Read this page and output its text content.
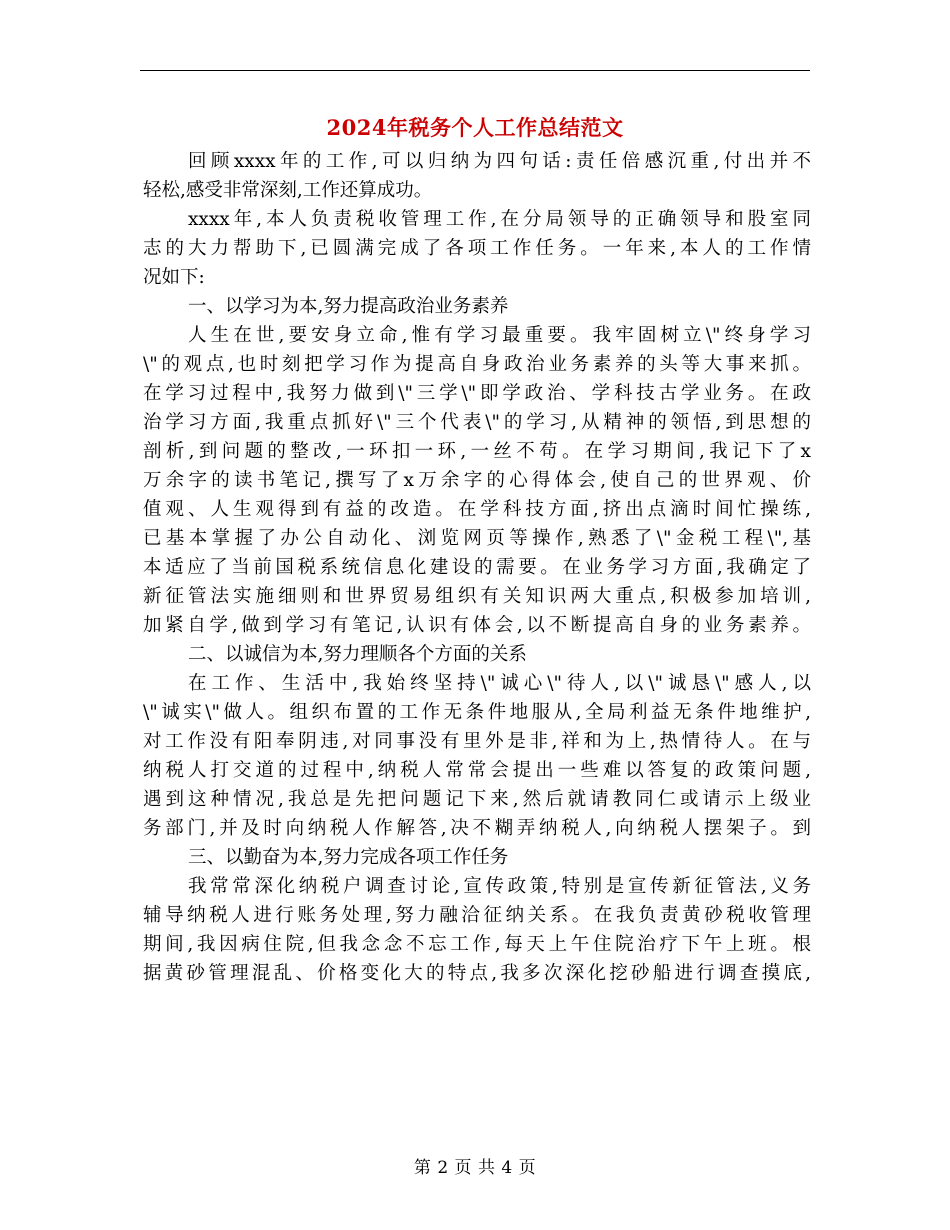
2024年税务个人工作总结范文
回顾xxxx年的工作,可以归纳为四句话:责任倍感沉重,付出并不
轻松,感受非常深刻,工作还算成功。
xxxx年,本人负责税收管理工作,在分局领导的正确领导和股室同
志的大力帮助下,已圆满完成了各项工作任务。一年来,本人的工作情
况如下:
一、以学习为本,努力提高政治业务素养
人生在世,要安身立命,惟有学习最重要。我牢固树立\"终身学习
\"的观点,也时刻把学习作为提高自身政治业务素养的头等大事来抓。
在学习过程中,我努力做到\"三学\"即学政治、学科技古学业务。在政
治学习方面,我重点抓好\"三个代表\"的学习,从精神的领悟,到思想的
剖析,到问题的整改,一环扣一环,一丝不苟。在学习期间,我记下了x
万余字的读书笔记,撰写了x万余字的心得体会,使自己的世界观、价
值观、人生观得到有益的改造。在学科技方面,挤出点滴时间忙操练,
已基本掌握了办公自动化、浏览网页等操作,熟悉了\"金税工程\",基
本适应了当前国税系统信息化建设的需要。在业务学习方面,我确定了
新征管法实施细则和世界贸易组织有关知识两大重点,积极参加培训,
加紧自学,做到学习有笔记,认识有体会,以不断提高自身的业务素养。
二、以诚信为本,努力理顺各个方面的关系
在工作、生活中,我始终坚持\"诚心\"待人,以\"诚恳\"感人,以
\"诚实\"做人。组织布置的工作无条件地服从,全局利益无条件地维护,
对工作没有阳奉阴违,对同事没有里外是非,祥和为上,热情待人。在与
纳税人打交道的过程中,纳税人常常会提出一些难以答复的政策问题,
遇到这种情况,我总是先把问题记下来,然后就请教同仁或请示上级业
务部门,并及时向纳税人作解答,决不糊弄纳税人,向纳税人摆架子。到
三、以勤奋为本,努力完成各项工作任务
我常常深化纳税户调查讨论,宣传政策,特别是宣传新征管法,义务
辅导纳税人进行账务处理,努力融洽征纳关系。在我负责黄砂税收管理
期间,我因病住院,但我念念不忘工作,每天上午住院治疗下午上班。根
据黄砂管理混乱、价格变化大的特点,我多次深化挖砂船进行调查摸底,
第 2 页 共 4 页
